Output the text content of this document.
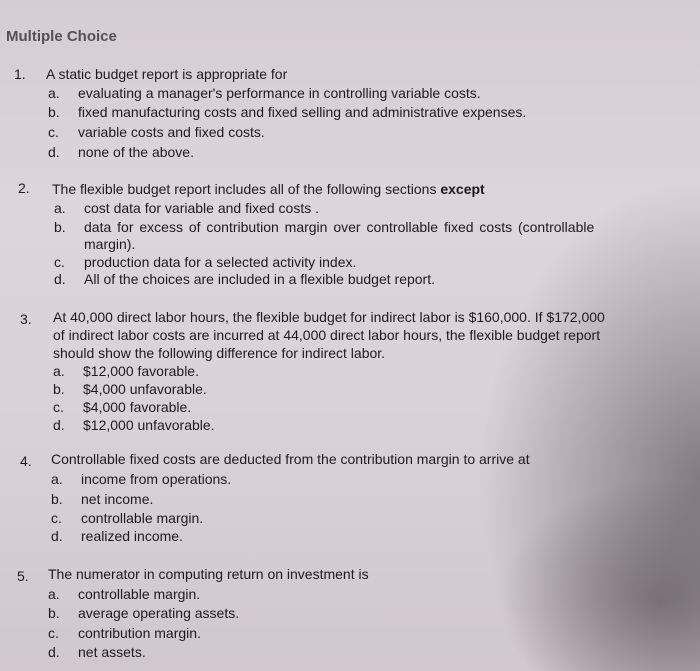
Multiple Choice
1. A static budget report is appropriate for
a. evaluating a manager's performance in controlling variable costs.
b. fixed manufacturing costs and fixed selling and administrative expenses.
c. variable costs and fixed costs.
d. none of the above.
2. The flexible budget report includes all of the following sections except
a. cost data for variable and fixed costs .
b. data for excess of contribution margin over controllable fixed costs (controllable
margin).
c. production data for a selected activity index.
d. All of the choices are included in a flexible budget report.
3. At 40,000 direct labor hours, the flexible budget for indirect labor is $160,000. If $172,000
of indirect labor costs are incurred at 44,000 direct labor hours, the flexible budget report
should show the following difference for indirect labor.
a. $12,000 favorable.
b. $4,000 unfavorable.
c. $4,000 favorable.
d. $12,000 unfavorable.
4. Controllable fixed costs are deducted from the contribution margin to arrive at
a. income from operations.
b. net income.
c. controllable margin.
d. realized income.
5. The numerator in computing return on investment is
a. controllable margin.
b. average operating assets.
c. contribution margin.
d. net assets.
